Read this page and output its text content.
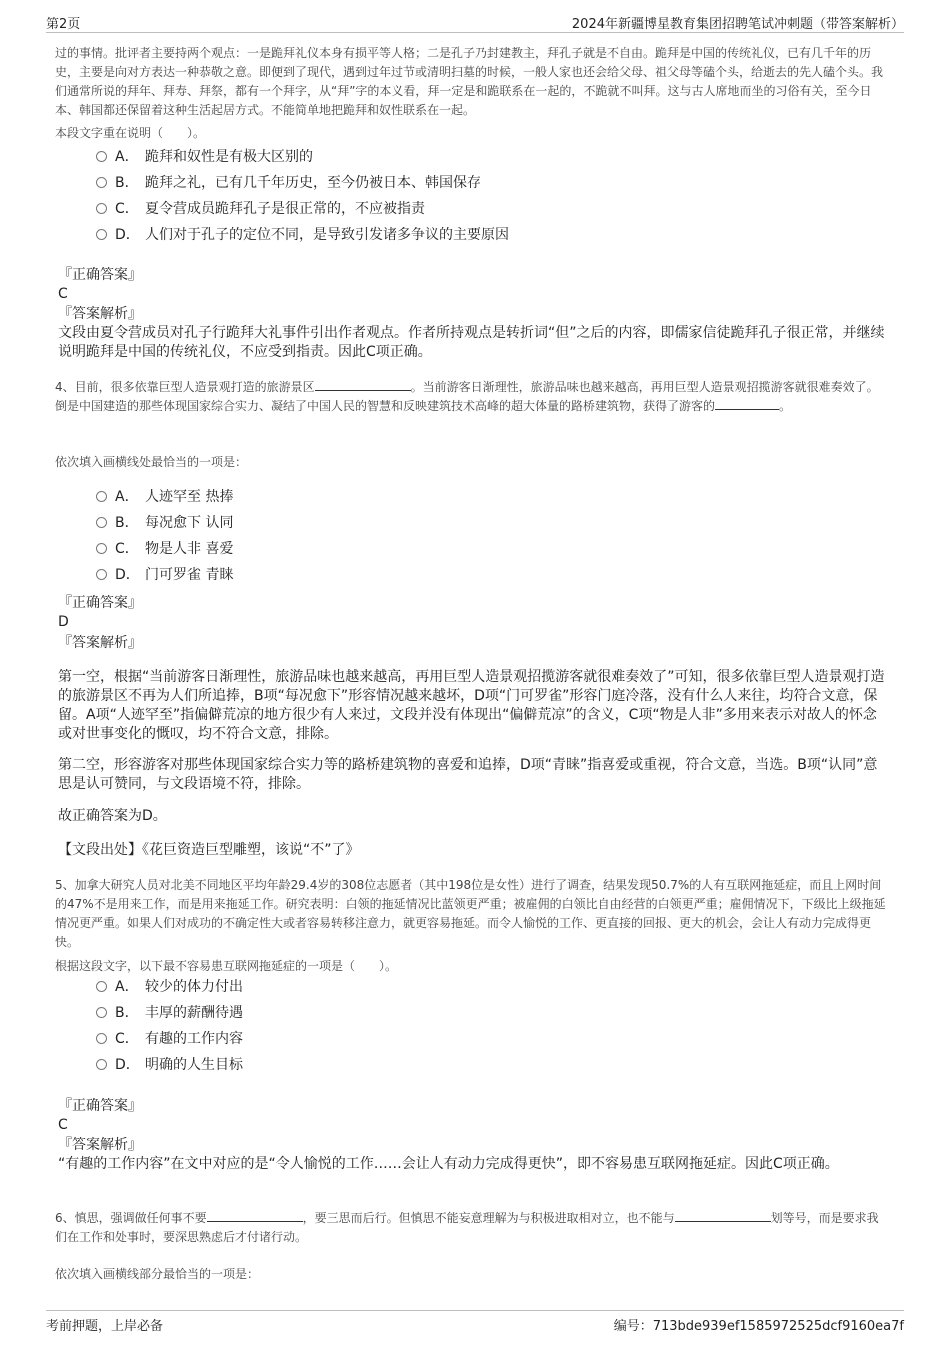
第2页	2024年新疆博星教育集团招聘笔试冲刺题（带答案解析）

过的事情。批评者主要持两个观点：一是跪拜礼仪本身有损平等人格；二是孔子乃封建教主，拜孔子就是不自由。跪拜是中国的传统礼仪，已有几千年的历史，主要是向对方表达一种恭敬之意。即便到了现代，遇到过年过节或清明扫墓的时候，一般人家也还会给父母、祖父母等磕个头，给逝去的先人磕个头。我们通常所说的拜年、拜寿、拜祭，都有一个拜字，从“拜”字的本义看，拜一定是和跪联系在一起的，不跪就不叫拜。这与古人席地而坐的习俗有关，至今日本、韩国都还保留着这种生活起居方式。不能简单地把跪拜和奴性联系在一起。

本段文字重在说明（　　）。

A． 跪拜和奴性是有极大区别的
B． 跪拜之礼，已有几千年历史，至今仍被日本、韩国保存
C． 夏令营成员跪拜孔子是很正常的，不应被指责
D． 人们对于孔子的定位不同，是导致引发诸多争议的主要原因
『正确答案』
C
『答案解析』

文段由夏令营成员对孔子行跪拜大礼事件引出作者观点。作者所持观点是转折词“但”之后的内容，即儒家信徒跪拜孔子很正常，并继续说明跪拜是中国的传统礼仪，不应受到指责。因此C项正确。

4、目前，很多依靠巨型人造景观打造的旅游景区	。当前游客日渐理性，旅游品味也越来越高，再用巨型人造景观招揽游客就很难奏效了。倒是中国建造的那些体现国家综合实力、凝结了中国人民的智慧和反映建筑技术高峰的超大体量的路桥建筑物，获得了游客的	。

依次填入画横线处最恰当的一项是：

A． 人迹罕至 热捧
B． 每况愈下 认同
C． 物是人非 喜爱
D． 门可罗雀 青睐
『正确答案』
D
『答案解析』

第一空，根据“当前游客日渐理性，旅游品味也越来越高，再用巨型人造景观招揽游客就很难奏效了”可知，很多依靠巨型人造景观打造的旅游景区不再为人们所追捧，B项“每况愈下”形容情况越来越坏，D项“门可罗雀”形容门庭冷落，没有什么人来往，均符合文意，保留。A项“人迹罕至”指偏僻荒凉的地方很少有人来过，文段并没有体现出“偏僻荒凉”的含义，C项“物是人非”多用来表示对故人的怀念或对世事变化的慨叹，均不符合文意，排除。

第二空，形容游客对那些体现国家综合实力等的路桥建筑物的喜爱和追捧，D项“青睐”指喜爱或重视，符合文意，当选。B项“认同”意思是认可赞同，与文段语境不符，排除。

故正确答案为D。

【文段出处】《花巨资造巨型雕塑，该说“不”了》

5、加拿大研究人员对北美不同地区平均年龄29.4岁的308位志愿者（其中198位是女性）进行了调查，结果发现50.7%的人有互联网拖延症，而且上网时间的47%不是用来工作，而是用来拖延工作。研究表明：白领的拖延情况比蓝领更严重；被雇佣的白领比自由经营的白领更严重；雇佣情况下，下级比上级拖延情况更严重。如果人们对成功的不确定性大或者容易转移注意力，就更容易拖延。而令人愉悦的工作、更直接的回报、更大的机会，会让人有动力完成得更快。

根据这段文字，以下最不容易患互联网拖延症的一项是（　　）。

A． 较少的体力付出
B． 丰厚的薪酬待遇
C． 有趣的工作内容
D． 明确的人生目标
『正确答案』
C
『答案解析』

“有趣的工作内容”在文中对应的是“令人愉悦的工作……会让人有动力完成得更快”，即不容易患互联网拖延症。因此C项正确。

6、慎思，强调做任何事不要	，要三思而后行。但慎思不能妄意理解为与积极进取相对立，也不能与	划等号，而是要求我们在工作和处事时，要深思熟虑后才付诸行动。

依次填入画横线部分最恰当的一项是：

考前押题，上岸必备	编号：713bde939ef1585972525dcf9160ea7f
